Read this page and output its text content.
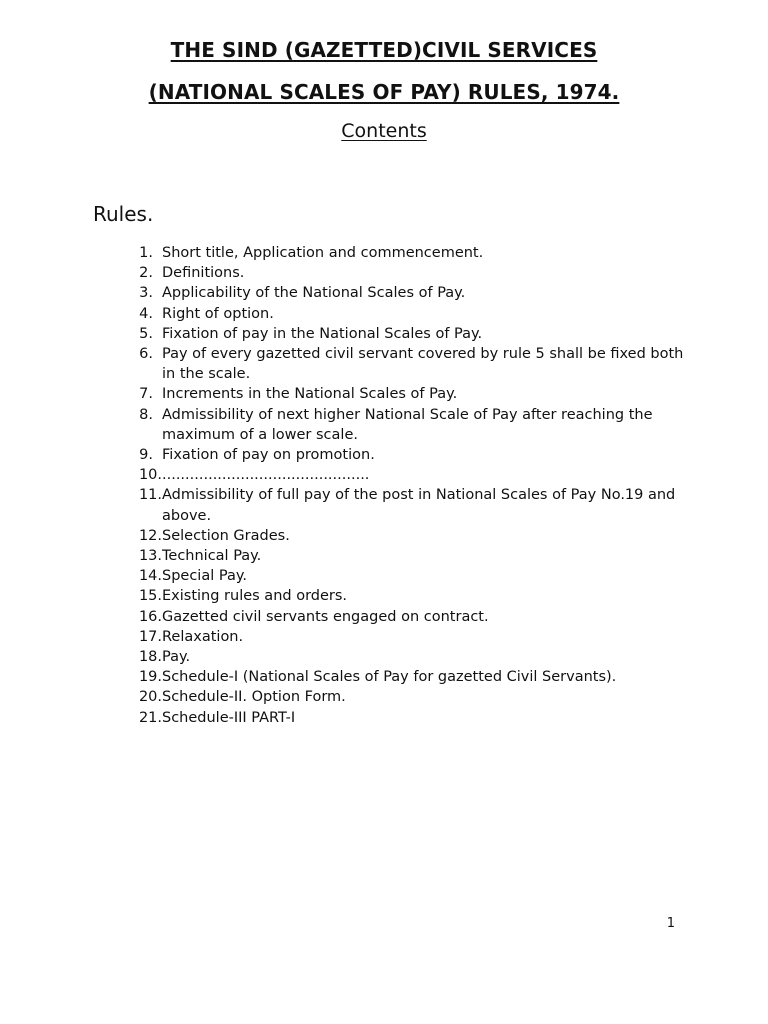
THE SIND (GAZETTED)CIVIL SERVICES
(NATIONAL SCALES OF PAY) RULES, 1974.
Contents
Rules.
1. Short title, Application and commencement.
2. Definitions.
3. Applicability of the National Scales of Pay.
4. Right of option.
5. Fixation of pay in the National Scales of Pay.
6. Pay of every gazetted civil servant covered by rule 5 shall be fixed both in the scale.
7. Increments in the National Scales of Pay.
8. Admissibility of next higher National Scale of Pay after reaching the maximum of a lower scale.
9. Fixation of pay on promotion.
10. .............................................
11. Admissibility of full pay of the post in National Scales of Pay No.19 and above.
12. Selection Grades.
13. Technical Pay.
14. Special Pay.
15. Existing rules and orders.
16. Gazetted civil servants engaged on contract.
17. Relaxation.
18. Pay.
19. Schedule-I (National Scales of Pay for gazetted Civil Servants).
20. Schedule-II. Option Form.
21. Schedule-III PART-I
1
